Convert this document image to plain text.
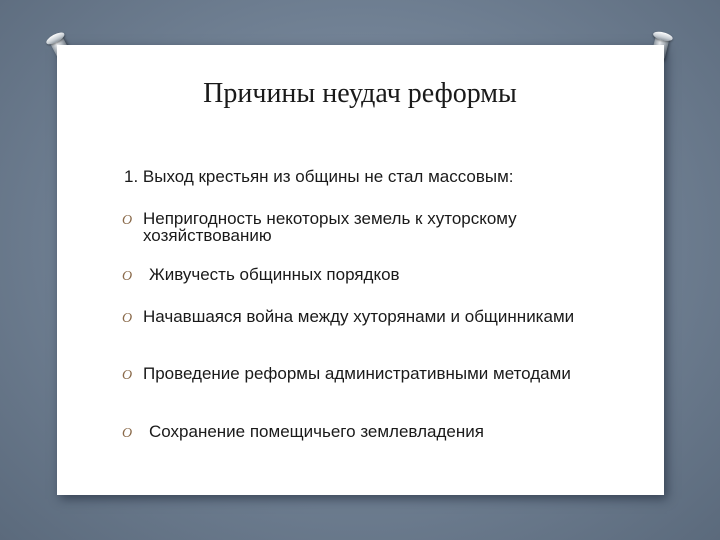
Причины неудач реформы
1. Выход крестьян из общины не стал массовым:
O Непригодность некоторых земель к хуторскому хозяйствованию
O Живучесть общинных порядков
O Начавшаяся война между хуторянами и общинниками
O Проведение реформы административными методами
O Сохранение помещичьего землевладения
